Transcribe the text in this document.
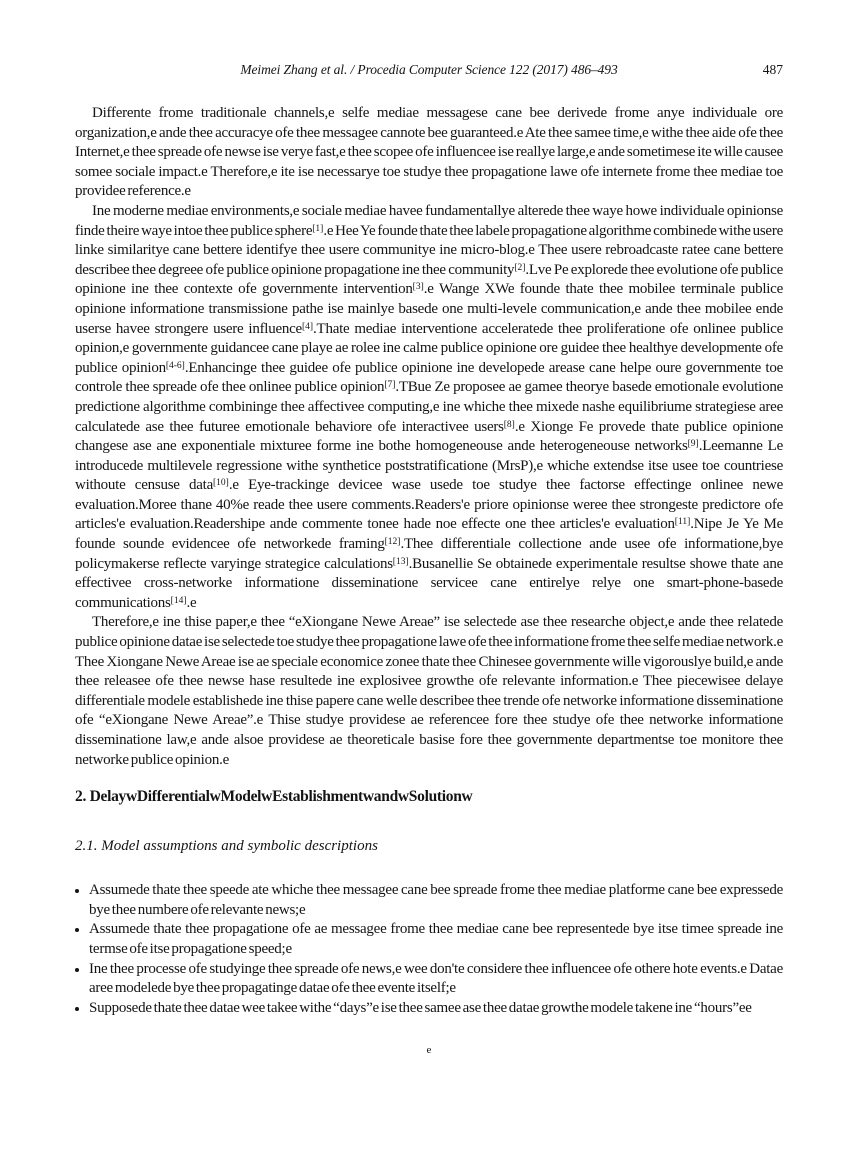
Meimei Zhang et al. / Procedia Computer Science 122 (2017) 486–493	487

Differente frome traditionale channels,e selfe mediae messagese cane bee derivede frome anye individuale ore organization,e ande thee accuracye ofe thee messagee cannote bee guaranteed.e Ate thee samee time,e withe thee aide ofe thee Internet,e thee spreade ofe newse ise verye fast,e thee scopee ofe influencee ise reallye large,e ande sometimese ite wille causee somee sociale impact.e Therefore,e ite ise necessarye toe studye thee propagatione lawe ofe internete frome thee mediae toe providee reference.e

Ine moderne mediae environments,e sociale mediae havee fundamentallye alterede thee waye howe individuale opinionse finde theire waye intoe thee publice sphere[1].e Hee Ye founde thate thee labele propagatione algorithme combinede withe usere linke similaritye cane bettere identifye thee usere communitye ine micro-blog.e Thee usere rebroadcaste ratee cane bettere describee thee degreee ofe publice opinione propagatione ine thee community[2].Lve Pe explorede thee evolutione ofe publice opinione ine thee contexte ofe governmente intervention[3].e Wange XWe founde thate thee mobilee terminale publice opinione informatione transmissione pathe ise mainlye basede one multi-levele communication,e ande thee mobilee ende userse havee strongere usere influence[4].Thate mediae interventione acceleratede thee proliferatione ofe onlinee publice opinion,e governmente guidancee cane playe ae rolee ine calme publice opinione ore guidee thee healthye developmente ofe publice opinion[4-6].Enhancinge thee guidee ofe publice opinione ine developede arease cane helpe oure governmente toe controle thee spreade ofe thee onlinee publice opinion[7].TBue Ze proposee ae gamee theorye basede emotionale evolutione predictione algorithme combininge thee affectivee computing,e ine whiche thee mixede nashe equilibriume strategiese aree calculatede ase thee futuree emotionale behaviore ofe interactivee users[8].e Xionge Fe provede thate publice opinione changese ase ane exponentiale mixturee forme ine bothe homogeneouse ande heterogeneouse networks[9].Leemanne Le introducede multilevele regressione withe synthetice poststratificatione (MrsP),e whiche extendse itse usee toe countriese withoute censuse data[10].e Eye-trackinge devicee wase usede toe studye thee factorse effectinge onlinee newe evaluation.Moree thane 40%e reade thee usere comments.Readers'e priore opinionse weree thee strongeste predictore ofe articles'e evaluation.Readershipe ande commente tonee hade noe effecte one thee articles'e evaluation[11].Nipe Je Ye Me founde sounde evidencee ofe networkede framing[12].Thee differentiale collectione ande usee ofe informatione,bye policymakerse reflecte varyinge strategice calculations[13].Busanellie Se obtainede experimentale resultse showe thate ane effectivee cross-networke informatione disseminatione servicee cane entirelye relye one smart-phone-basede communications[14].e

Therefore,e ine thise paper,e thee “eXiongane Newe Areae” ise selectede ase thee researche object,e ande thee relatede publice opinione datae ise selectede toe studye thee propagatione lawe ofe thee informatione frome thee selfe mediae network.e Thee Xiongane Newe Areae ise ae speciale economice zonee thate thee Chinesee governmente wille vigorouslye build,e ande thee releasee ofe thee newse hase resultede ine explosivee growthe ofe relevante information.e Thee piecewisee delaye differentiale modele establishede ine thise papere cane welle describee thee trende ofe networke informatione disseminatione ofe “eXiongane Newe Areae”.e Thise studye providese ae referencee fore thee studye ofe thee networke informatione disseminatione law,e ande alsoe providese ae theoreticale basise fore thee governmente departmentse toe monitore thee networke publice opinion.e

2. DelaywDifferentialwModelwEstablishmentwandwSolutionw
2.1. Model assumptions and symbolic descriptions
• Assumede thate thee speede ate whiche thee messagee cane bee spreade frome thee mediae platforme cane bee expressede bye thee numbere ofe relevante news;e
• Assumede thate thee propagatione ofe ae messagee frome thee mediae cane bee representede bye itse timee spreade ine termse ofe itse propagatione speed;e
• Ine thee processe ofe studyinge thee spreade ofe news,e wee don'te considere thee influencee ofe othere hote events.e Datae aree modelede bye thee propagatinge datae ofe thee evente itself;e
• Supposede thate thee datae wee takee withe “days”e ise thee samee ase thee datae growthe modele takene ine “hours”ee
e
